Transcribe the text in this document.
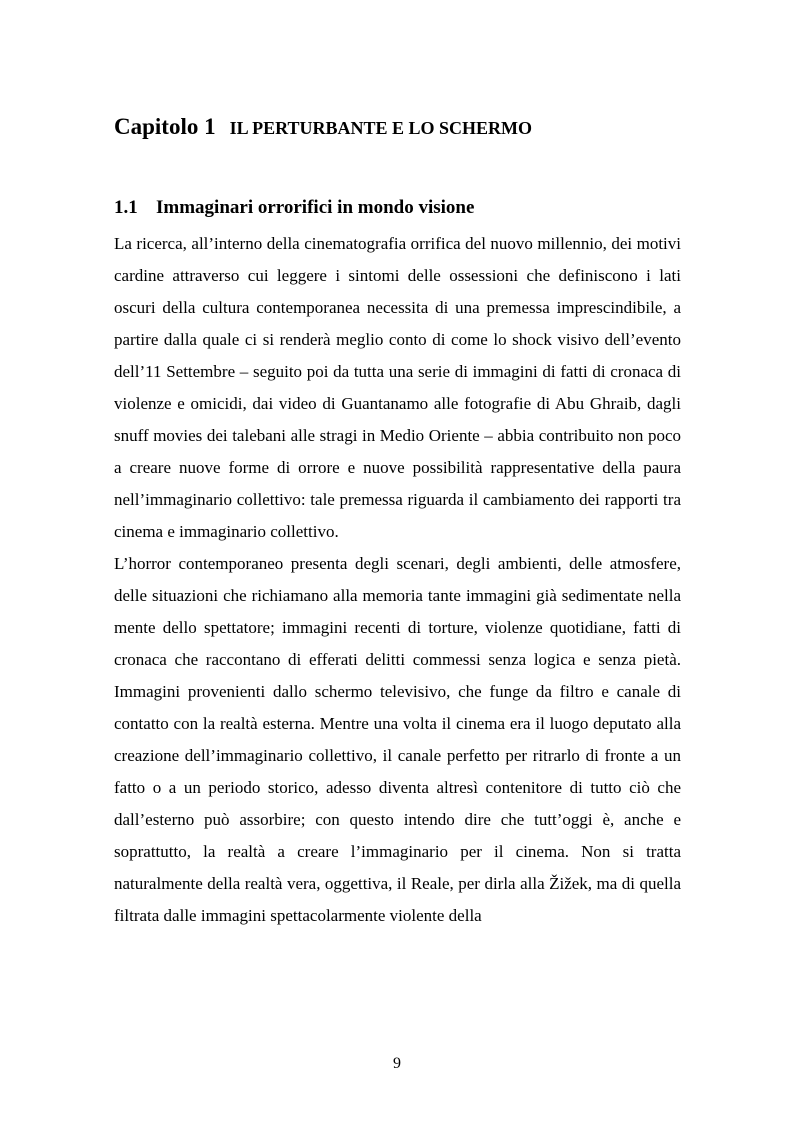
Capitolo 1 IL PERTURBANTE E LO SCHERMO
1.1 Immaginari orrorifici in mondo visione

La ricerca, all’interno della cinematografia orrifica del nuovo millennio, dei motivi cardine attraverso cui leggere i sintomi delle ossessioni che definiscono i lati oscuri della cultura contemporanea necessita di una premessa imprescindibile, a partire dalla quale ci si renderà meglio conto di come lo shock visivo dell’evento dell’11 Settembre – seguito poi da tutta una serie di immagini di fatti di cronaca di violenze e omicidi, dai video di Guantanamo alle fotografie di Abu Ghraib, dagli snuff movies dei talebani alle stragi in Medio Oriente – abbia contribuito non poco a creare nuove forme di orrore e nuove possibilità rappresentative della paura nell’immaginario collettivo: tale premessa riguarda il cambiamento dei rapporti tra cinema e immaginario collettivo.

L’horror contemporaneo presenta degli scenari, degli ambienti, delle atmosfere, delle situazioni che richiamano alla memoria tante immagini già sedimentate nella mente dello spettatore; immagini recenti di torture, violenze quotidiane, fatti di cronaca che raccontano di efferati delitti commessi senza logica e senza pietà. Immagini provenienti dallo schermo televisivo, che funge da filtro e canale di contatto con la realtà esterna. Mentre una volta il cinema era il luogo deputato alla creazione dell’immaginario collettivo, il canale perfetto per ritrarlo di fronte a un fatto o a un periodo storico, adesso diventa altresì contenitore di tutto ciò che dall’esterno può assorbire; con questo intendo dire che tutt’oggi è, anche e soprattutto, la realtà a creare l’immaginario per il cinema. Non si tratta naturalmente della realtà vera, oggettiva, il Reale, per dirla alla Žižek, ma di quella filtrata dalle immagini spettacolarmente violente della

9
